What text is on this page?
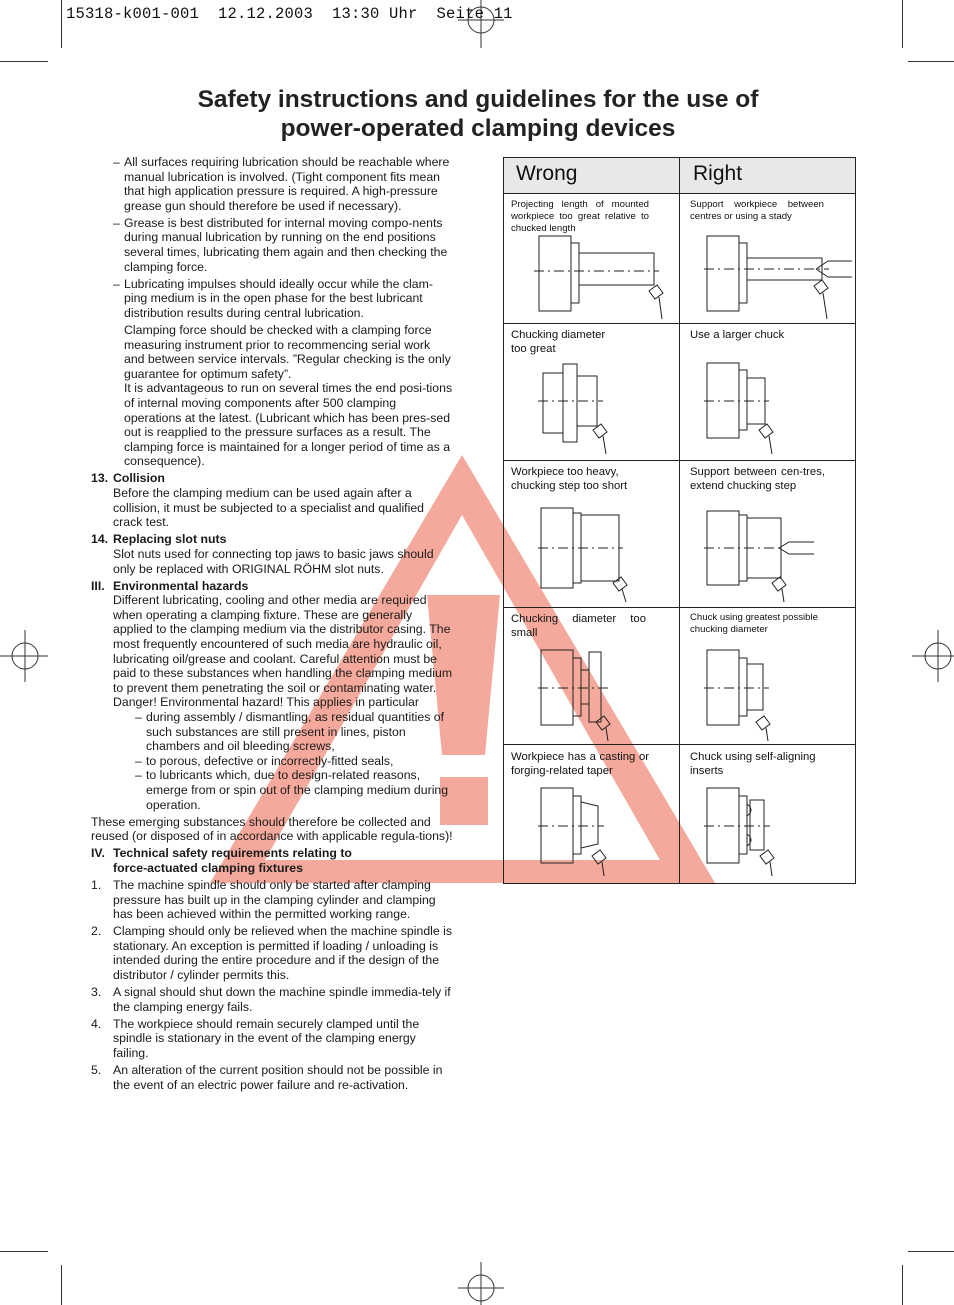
15318-k001-001  12.12.2003  13:30 Uhr  Seite 11
Safety instructions and guidelines for the use of
power-operated clamping devices

– All surfaces requiring lubrication should be reachable where manual lubrication is involved. (Tight component fits mean that high application pressure is required. A high-pressure grease gun should therefore be used if necessary).

– Grease is best distributed for internal moving compo-nents during manual lubrication by running on the end positions several times, lubricating them again and then checking the clamping force.

– Lubricating impulses should ideally occur while the clam-ping medium is in the open phase for the best lubricant distribution results during central lubrication.

Clamping force should be checked with a clamping force measuring instrument prior to recommencing serial work and between service intervals. ”Regular checking is the only guarantee for optimum safety”.

It is advantageous to run on several times the end posi-tions of internal moving components after 500 clamping operations at the latest. (Lubricant which has been pres-sed out is reapplied to the pressure surfaces as a result. The clamping force is maintained for a longer period of time as a consequence).

13. Collision

Before the clamping medium can be used again after a collision, it must be subjected to a specialist and qualified crack test.

14. Replacing slot nuts

Slot nuts used for connecting top jaws to basic jaws should only be replaced with ORIGINAL RÖHM slot nuts.

III. Environmental hazards

Different lubricating, cooling and other media are required when operating a clamping fixture. These are generally applied to the clamping medium via the distributor casing. The most frequently encountered of such media are hydraulic oil, lubricating oil/grease and coolant. Careful attention must be paid to these substances when handling the clamping medium to prevent them penetrating the soil or contaminating water. Danger! Environmental hazard! This applies in particular

– during assembly / dismantling, as residual quantities of such substances are still present in lines, piston chambers and oil bleeding screws,

– to porous, defective or incorrectly-fitted seals,

– to lubricants which, due to design-related reasons, emerge from or spin out of the clamping medium during operation.

These emerging substances should therefore be collected and reused (or disposed of in accordance with applicable regula-tions)!

IV. Technical safety requirements relating to

force-actuated clamping fixtures

1. The machine spindle should only be started after clamping pressure has built up in the clamping cylinder and clamping has been achieved within the permitted working range.

2. Clamping should only be relieved when the machine spindle is stationary. An exception is permitted if loading / unloading is intended during the entire procedure and if the design of the distributor / cylinder permits this.

3. A signal should shut down the machine spindle immedia-tely if the clamping energy fails.

4. The workpiece should remain securely clamped until the spindle is stationary in the event of the clamping energy failing.

5. An alteration of the current position should not be possible in the event of an electric power failure and re-activation.

Wrong	Right
Projecting length of mounted workpiece too great relative to chucked length
Support workpiece between centres or using a stady
Chucking diameter too great
Use a larger chuck
Workpiece too heavy, chucking step too short
Support between cen-tres, extend chucking step
Chucking diameter too small
Chuck using greatest possible chucking diameter
Workpiece has a casting or forging-related taper
Chuck using self-aligning inserts
